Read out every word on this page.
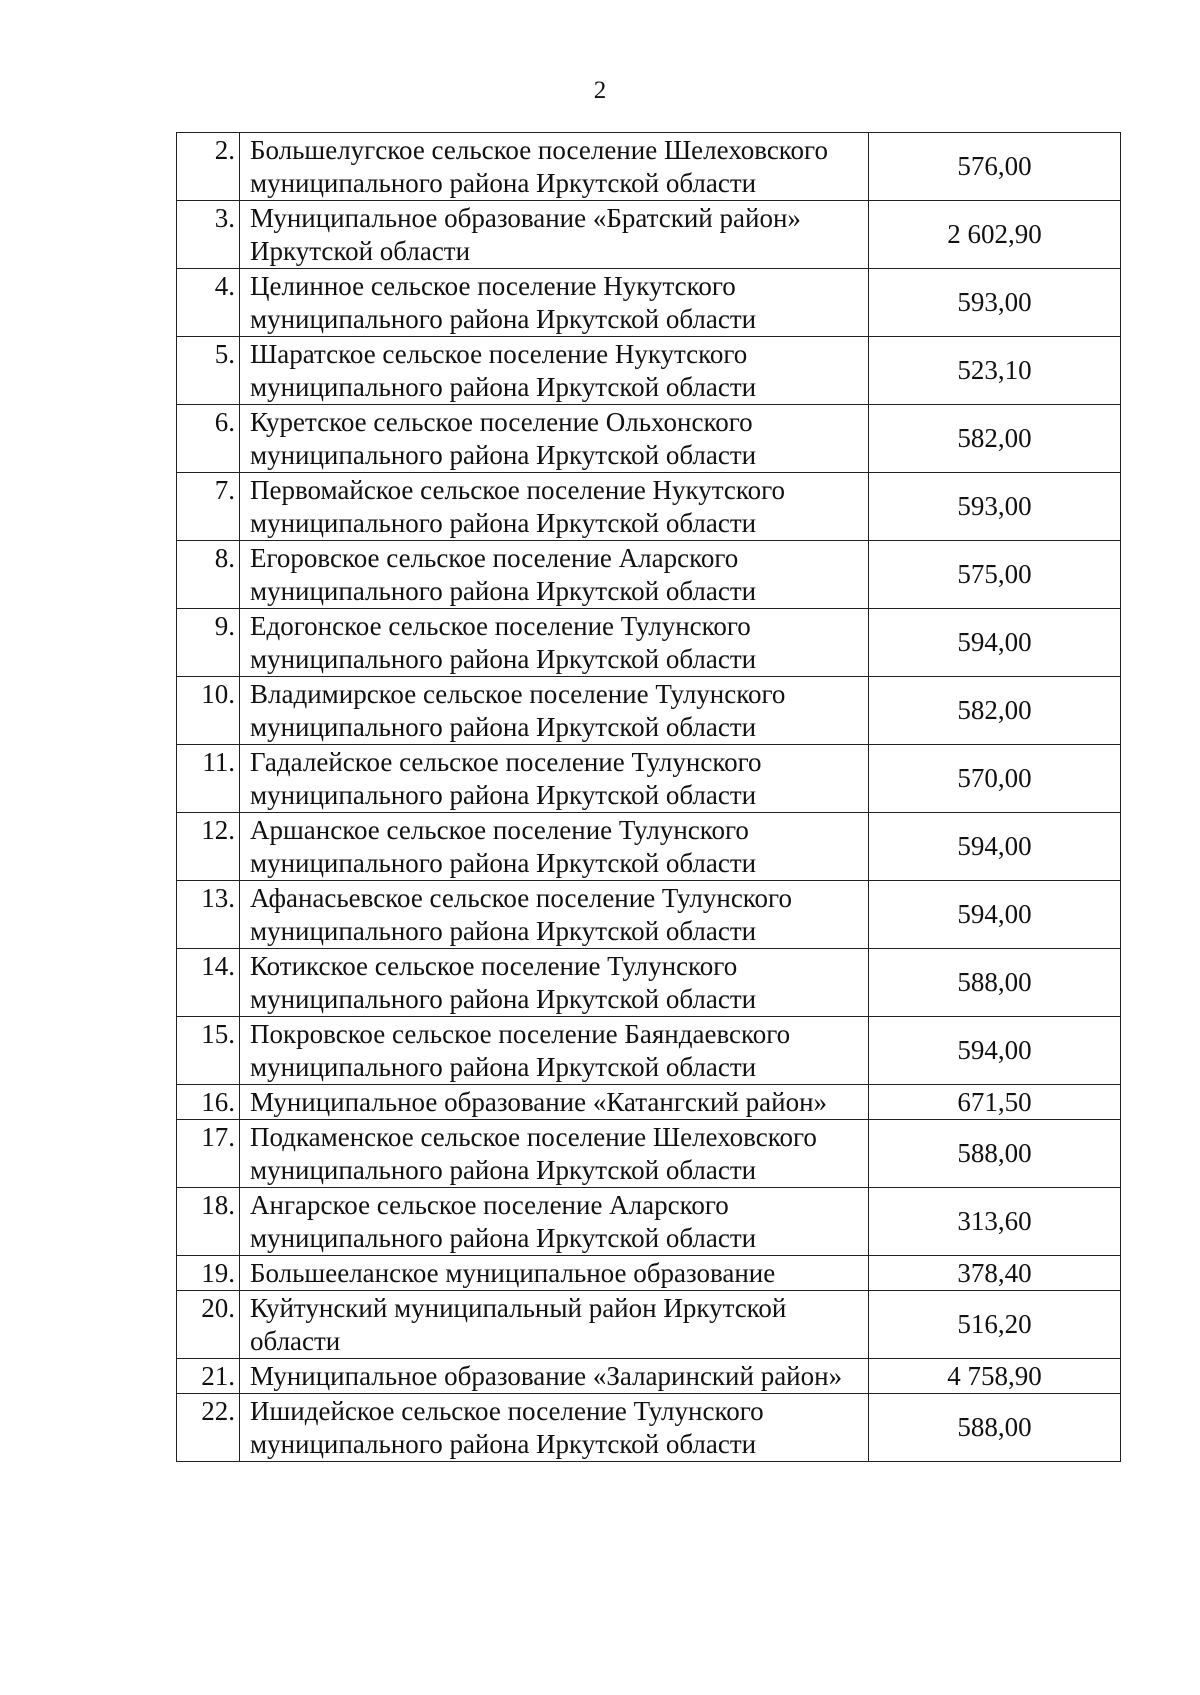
2
2.	Большелугское сельское поселение Шелеховского муниципального района Иркутской области	576,00
3.	Муниципальное образование «Братский район» Иркутской области	2 602,90
4.	Целинное сельское поселение Нукутского муниципального района Иркутской области	593,00
5.	Шаратское сельское поселение Нукутского муниципального района Иркутской области	523,10
6.	Куретское сельское поселение Ольхонского муниципального района Иркутской области	582,00
7.	Первомайское сельское поселение Нукутского муниципального района Иркутской области	593,00
8.	Егоровское сельское поселение Аларского муниципального района Иркутской области	575,00
9.	Едогонское сельское поселение Тулунского муниципального района Иркутской области	594,00
10.	Владимирское сельское поселение Тулунского муниципального района Иркутской области	582,00
11.	Гадалейское сельское поселение Тулунского муниципального района Иркутской области	570,00
12.	Аршанское сельское поселение Тулунского муниципального района Иркутской области	594,00
13.	Афанасьевское сельское поселение Тулунского муниципального района Иркутской области	594,00
14.	Котикское сельское поселение Тулунского муниципального района Иркутской области	588,00
15.	Покровское сельское поселение Баяндаевского муниципального района Иркутской области	594,00
16.	Муниципальное образование «Катангский район»	671,50
17.	Подкаменское сельское поселение Шелеховского муниципального района Иркутской области	588,00
18.	Ангарское сельское поселение Аларского муниципального района Иркутской области	313,60
19.	Большееланское муниципальное образование	378,40
20.	Куйтунский муниципальный район Иркутской области	516,20
21.	Муниципальное образование «Заларинский район»	4 758,90
22.	Ишидейское сельское поселение Тулунского муниципального района Иркутской области	588,00
